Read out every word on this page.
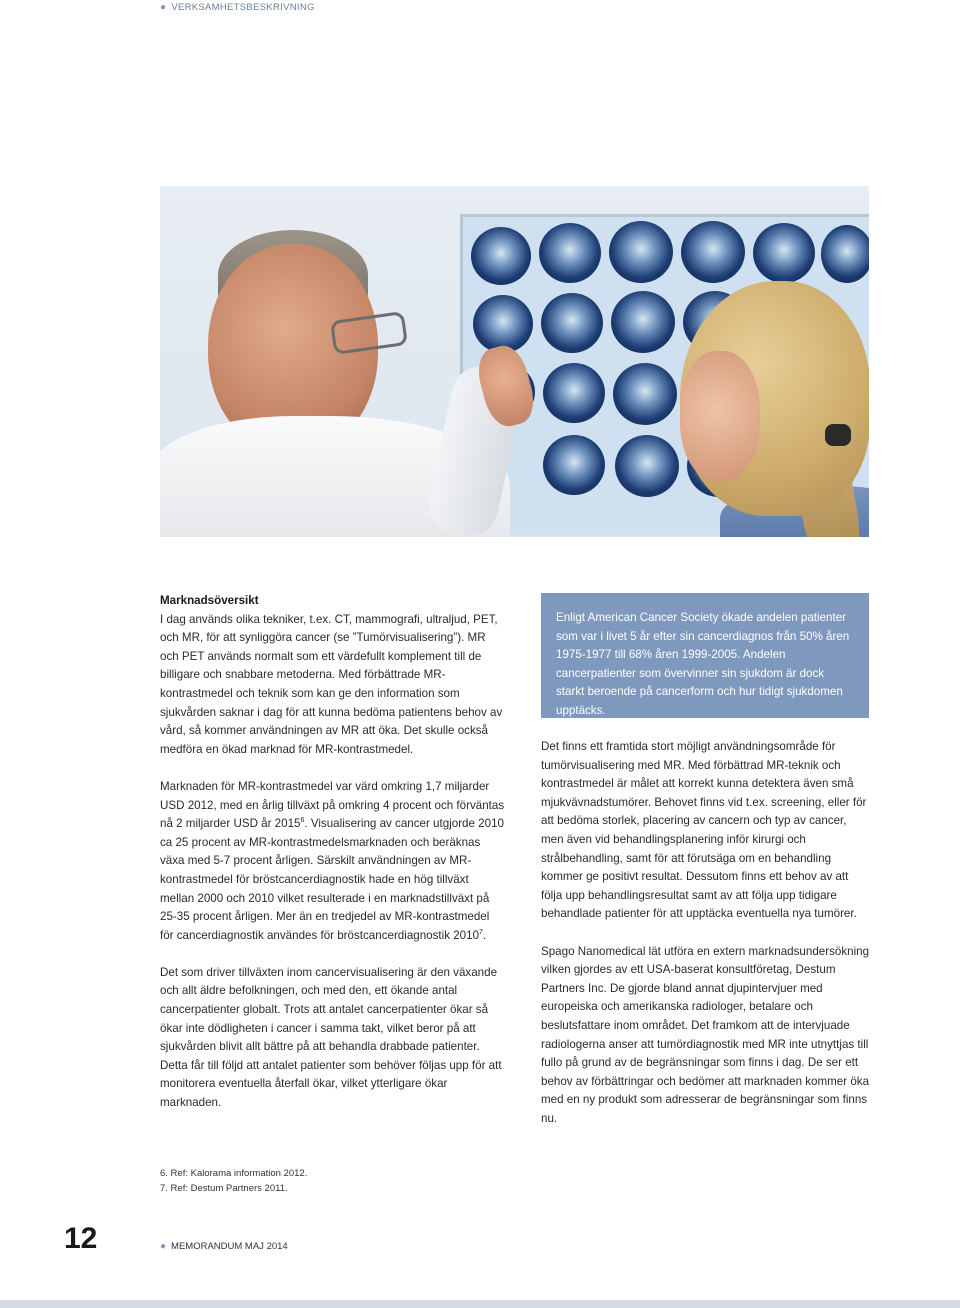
● VERKSAMHETSBESKRIVNING

Marknadsöversikt
I dag används olika tekniker, t.ex. CT, mammografi, ultraljud, PET, och MR, för att synliggöra cancer (se ”Tumörvisualisering”). MR och PET används normalt som ett värdefullt komplement till de billigare och snabbare metoderna. Med förbättrade MR-kontrastmedel och teknik som kan ge den information som sjukvården saknar i dag för att kunna bedöma patientens behov av vård, så kommer användningen av MR att öka. Det skulle också medföra en ökad marknad för MR-kontrastmedel.

Marknaden för MR-kontrastmedel var värd omkring 1,7 miljarder USD 2012, med en årlig tillväxt på omkring 4 procent och förväntas nå 2 miljarder USD år 2015$^6$. Visualisering av cancer utgjorde 2010 ca 25 procent av MR-kontrastmedelsmarknaden och beräknas växa med 5-7 procent årligen. Särskilt användningen av MR-kontrastmedel för bröstcancerdiagnostik hade en hög tillväxt mellan 2000 och 2010 vilket resulterade i en marknadstillväxt på 25-35 procent årligen. Mer än en tredjedel av MR-kontrastmedel för cancerdiagnostik användes för bröstcancerdiagnostik 2010$^7$.

Det som driver tillväxten inom cancervisualisering är den växande och allt äldre befolkningen, och med den, ett ökande antal cancerpatienter globalt. Trots att antalet cancerpatienter ökar så ökar inte dödligheten i cancer i samma takt, vilket beror på att sjukvården blivit allt bättre på att behandla drabbade patienter. Detta får till följd att antalet patienter som behöver följas upp för att monitorera eventuella återfall ökar, vilket ytterligare ökar marknaden.

Enligt American Cancer Society ökade andelen patienter som var i livet 5 år efter sin cancerdiagnos från 50% åren 1975-1977 till 68% åren 1999-2005. Andelen cancerpatienter som övervinner sin sjukdom är dock starkt beroende på cancerform och hur tidigt sjukdomen upptäcks.

Det finns ett framtida stort möjligt användningsområde för tumörvisualisering med MR. Med förbättrad MR-teknik och kontrastmedel är målet att korrekt kunna detektera även små mjukvävnadstumörer. Behovet finns vid t.ex. screening, eller för att bedöma storlek, placering av cancern och typ av cancer, men även vid behandlingsplanering inför kirurgi och strålbehandling, samt för att förutsäga om en behandling kommer ge positivt resultat. Dessutom finns ett behov av att följa upp behandlingsresultat samt av att följa upp tidigare behandlade patienter för att upptäcka eventuella nya tumörer.

Spago Nanomedical lät utföra en extern marknadsundersökning vilken gjordes av ett USA-baserat konsultföretag, Destum Partners Inc. De gjorde bland annat djupintervjuer med europeiska och amerikanska radiologer, betalare och beslutsfattare inom området. Det framkom att de intervjuade radiologerna anser att tumördiagnostik med MR inte utnyttjas till fullo på grund av de begränsningar som finns i dag. De ser ett behov av förbättringar och bedömer att marknaden kommer öka med en ny produkt som adresserar de begränsningar som finns nu.

6. Ref: Kalorama information 2012.
7. Ref: Destum Partners 2011.
12	● MEMORANDUM MAJ 2014
